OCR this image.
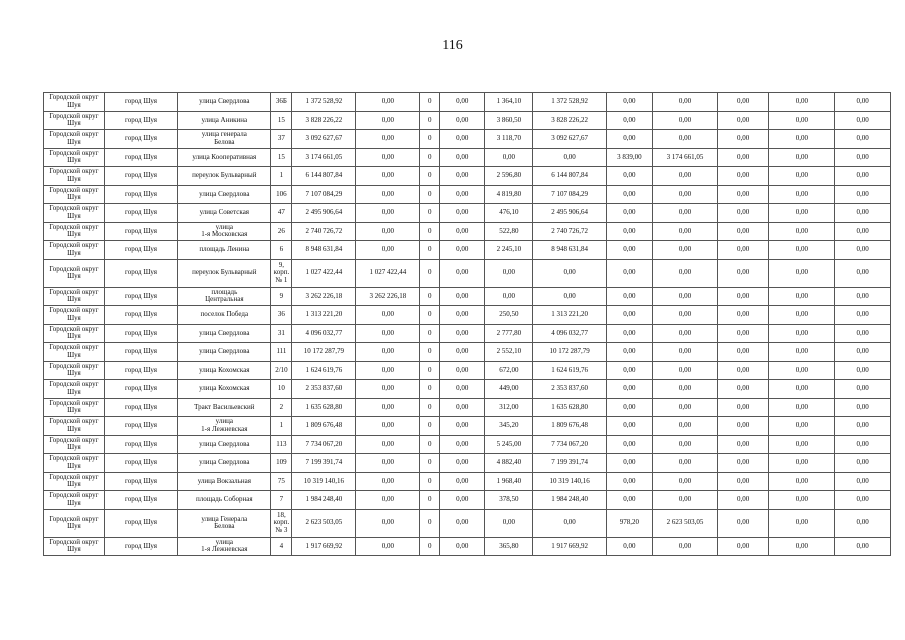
116
Городской округ
Шуя	город Шуя	улица Свердлова	36Б	1 372 528,92	0,00	0	0,00	1 364,10	1 372 528,92	0,00	0,00	0,00	0,00	0,00
Городской округ
Шуя	город Шуя	улица Аникина	15	3 828 226,22	0,00	0	0,00	3 860,50	3 828 226,22	0,00	0,00	0,00	0,00	0,00
Городской округ
Шуя	город Шуя	улица генерала
Белова	37	3 092 627,67	0,00	0	0,00	3 118,70	3 092 627,67	0,00	0,00	0,00	0,00	0,00
Городской округ
Шуя	город Шуя	улица Кооперативная	15	3 174 661,05	0,00	0	0,00	0,00	0,00	3 839,00	3 174 661,05	0,00	0,00	0,00
Городской округ
Шуя	город Шуя	переулок Бульварный	1	6 144 807,84	0,00	0	0,00	2 596,80	6 144 807,84	0,00	0,00	0,00	0,00	0,00
Городской округ
Шуя	город Шуя	улица Свердлова	106	7 107 084,29	0,00	0	0,00	4 819,80	7 107 084,29	0,00	0,00	0,00	0,00	0,00
Городской округ
Шуя	город Шуя	улица Советская	47	2 495 906,64	0,00	0	0,00	476,10	2 495 906,64	0,00	0,00	0,00	0,00	0,00
Городской округ
Шуя	город Шуя	улица
1-я Московская	26	2 740 726,72	0,00	0	0,00	522,80	2 740 726,72	0,00	0,00	0,00	0,00	0,00
Городской округ
Шуя	город Шуя	площадь Ленина	6	8 948 631,84	0,00	0	0,00	2 245,10	8 948 631,84	0,00	0,00	0,00	0,00	0,00
Городской округ
Шуя	город Шуя	переулок Бульварный	9,
корп.
№ 1	1 027 422,44	1 027 422,44	0	0,00	0,00	0,00	0,00	0,00	0,00	0,00	0,00
Городской округ
Шуя	город Шуя	площадь
Центральная	9	3 262 226,18	3 262 226,18	0	0,00	0,00	0,00	0,00	0,00	0,00	0,00	0,00
Городской округ
Шуя	город Шуя	поселок Победа	36	1 313 221,20	0,00	0	0,00	250,50	1 313 221,20	0,00	0,00	0,00	0,00	0,00
Городской округ
Шуя	город Шуя	улица Свердлова	31	4 096 032,77	0,00	0	0,00	2 777,80	4 096 032,77	0,00	0,00	0,00	0,00	0,00
Городской округ
Шуя	город Шуя	улица Свердлова	111	10 172 287,79	0,00	0	0,00	2 552,10	10 172 287,79	0,00	0,00	0,00	0,00	0,00
Городской округ
Шуя	город Шуя	улица Кохомская	2/10	1 624 619,76	0,00	0	0,00	672,00	1 624 619,76	0,00	0,00	0,00	0,00	0,00
Городской округ
Шуя	город Шуя	улица Кохомская	10	2 353 837,60	0,00	0	0,00	449,00	2 353 837,60	0,00	0,00	0,00	0,00	0,00
Городской округ
Шуя	город Шуя	Тракт Васильевский	2	1 635 628,80	0,00	0	0,00	312,00	1 635 628,80	0,00	0,00	0,00	0,00	0,00
Городской округ
Шуя	город Шуя	улица
1-я Лежневская	1	1 809 676,48	0,00	0	0,00	345,20	1 809 676,48	0,00	0,00	0,00	0,00	0,00
Городской округ
Шуя	город Шуя	улица Свердлова	113	7 734 067,20	0,00	0	0,00	5 245,00	7 734 067,20	0,00	0,00	0,00	0,00	0,00
Городской округ
Шуя	город Шуя	улица Свердлова	109	7 199 391,74	0,00	0	0,00	4 882,40	7 199 391,74	0,00	0,00	0,00	0,00	0,00
Городской округ
Шуя	город Шуя	улица Вокзальная	75	10 319 140,16	0,00	0	0,00	1 968,40	10 319 140,16	0,00	0,00	0,00	0,00	0,00
Городской округ
Шуя	город Шуя	площадь Соборная	7	1 984 248,40	0,00	0	0,00	378,50	1 984 248,40	0,00	0,00	0,00	0,00	0,00
Городской округ
Шуя	город Шуя	улица Генерала
Белова	18,
корп.
№ 3	2 623 503,05	0,00	0	0,00	0,00	0,00	978,20	2 623 503,05	0,00	0,00	0,00
Городской округ
Шуя	город Шуя	улица
1-я Лежневская	4	1 917 669,92	0,00	0	0,00	365,80	1 917 669,92	0,00	0,00	0,00	0,00	0,00
